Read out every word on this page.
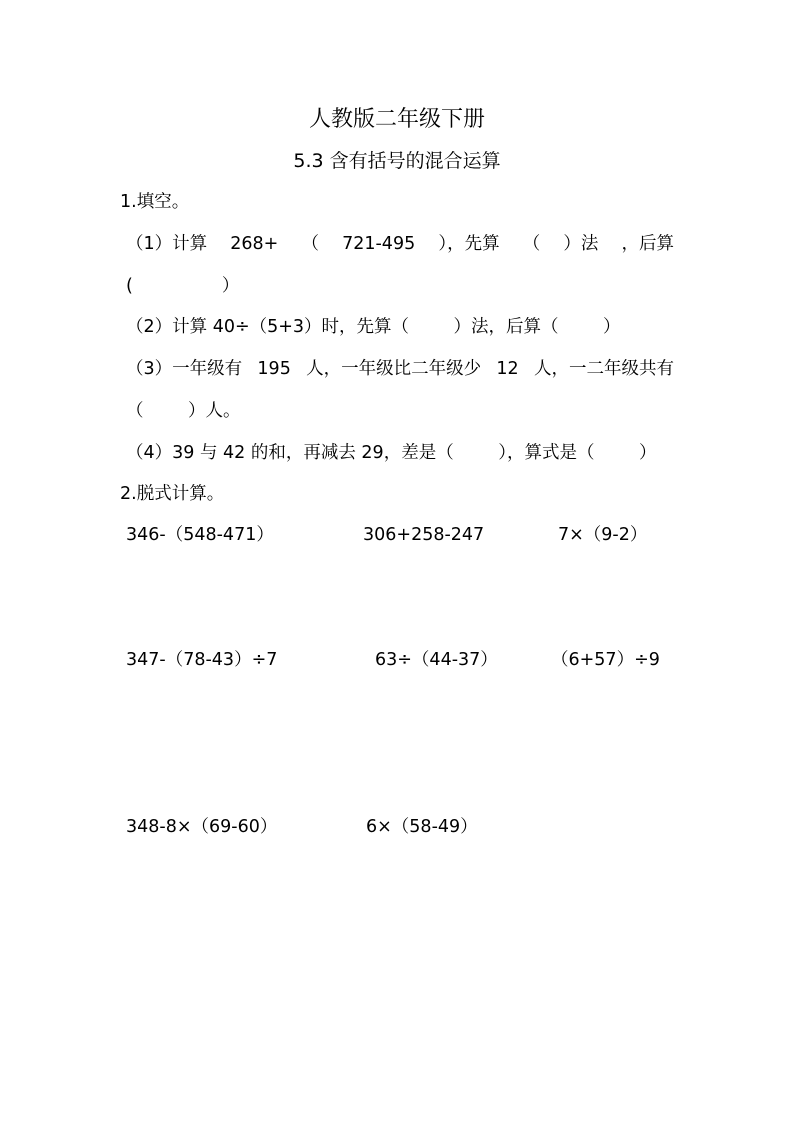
人教版二年级下册
5.3 含有括号的混合运算
1.填空。
（1）计算 268+ （ 721-495 ），先算 （ ）法 ，后算
(                ）
（2）计算 40÷（5+3）时，先算（        ）法，后算（        ）
（3）一年级有 195 人，一年级比二年级少 12 人，一二年级共有
（        ）人。
（4）39 与 42 的和，再减去 29，差是（        ），算式是（        ）
2.脱式计算。
346-（548-471）	306+258-247	7×（9-2）
347-（78-43）÷7	63÷（44-37）	（6+57）÷9
348-8×（69-60）	6×（58-49）
